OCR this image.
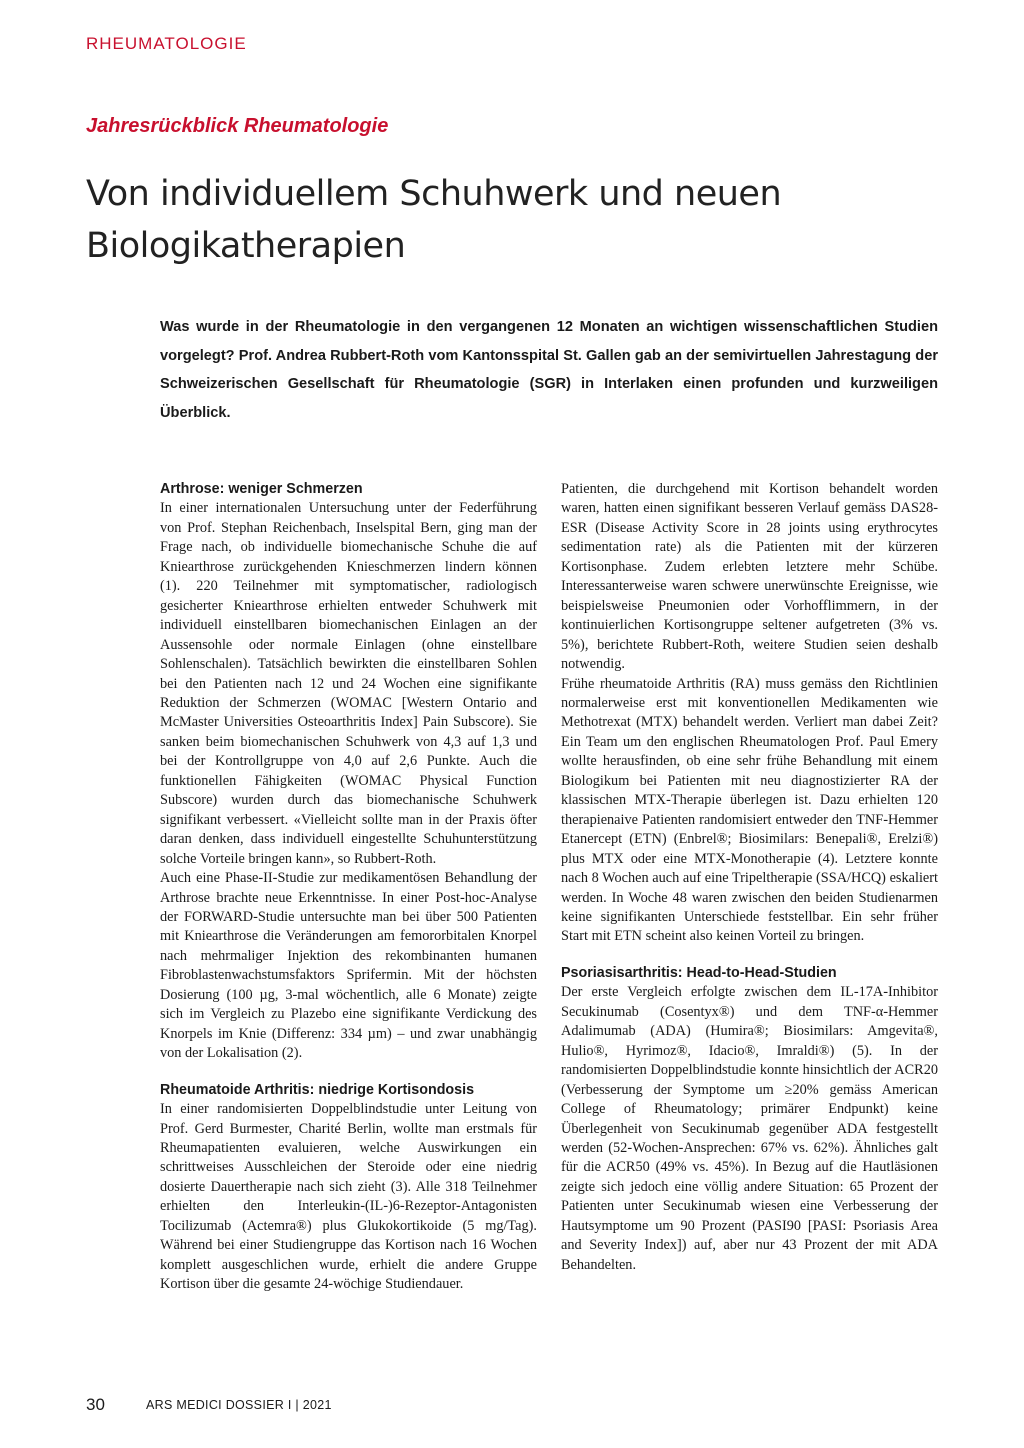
RHEUMATOLOGIE
Jahresrückblick Rheumatologie
Von individuellem Schuhwerk und neuen Biologikatherapien

Was wurde in der Rheumatologie in den vergangenen 12 Monaten an wichtigen wissenschaftlichen Studien vorgelegt? Prof. Andrea Rubbert-Roth vom Kantonsspital St. Gallen gab an der semivirtuellen Jahrestagung der Schweizerischen Gesellschaft für Rheumatologie (SGR) in Interlaken einen profunden und kurzweiligen Überblick.

Arthrose: weniger Schmerzen

In einer internationalen Untersuchung unter der Federführung von Prof. Stephan Reichenbach, Inselspital Bern, ging man der Frage nach, ob individuelle biomechanische Schuhe die auf Kniearthrose zurückgehenden Knieschmerzen lindern können (1). 220 Teilnehmer mit symptomatischer, radiologisch gesicherter Kniearthrose erhielten entweder Schuhwerk mit individuell einstellbaren biomechanischen Einlagen an der Aussensohle oder normale Einlagen (ohne einstellbare Sohlenschalen). Tatsächlich bewirkten die einstellbaren Sohlen bei den Patienten nach 12 und 24 Wochen eine signifikante Reduktion der Schmerzen (WOMAC [Western Ontario and McMaster Universities Osteoarthritis Index] Pain Subscore). Sie sanken beim biomechanischen Schuhwerk von 4,3 auf 1,3 und bei der Kontrollgruppe von 4,0 auf 2,6 Punkte. Auch die funktionellen Fähigkeiten (WOMAC Physical Function Subscore) wurden durch das biomechanische Schuhwerk signifikant verbessert. «Vielleicht sollte man in der Praxis öfter daran denken, dass individuell eingestellte Schuhunterstützung solche Vorteile bringen kann», so Rubbert-Roth.

Auch eine Phase-II-Studie zur medikamentösen Behandlung der Arthrose brachte neue Erkenntnisse. In einer Post-hoc-Analyse der FORWARD-Studie untersuchte man bei über 500 Patienten mit Kniearthrose die Veränderungen am femororbitalen Knorpel nach mehrmaliger Injektion des rekombinanten humanen Fibroblastenwachstumsfaktors Sprifermin. Mit der höchsten Dosierung (100 µg, 3-mal wöchentlich, alle 6 Monate) zeigte sich im Vergleich zu Plazebo eine signifikante Verdickung des Knorpels im Knie (Differenz: 334 µm) – und zwar unabhängig von der Lokalisation (2).

Rheumatoide Arthritis: niedrige Kortisondosis

In einer randomisierten Doppelblindstudie unter Leitung von Prof. Gerd Burmester, Charité Berlin, wollte man erstmals für Rheumapatienten evaluieren, welche Auswirkungen ein schrittweises Ausschleichen der Steroide oder eine niedrig dosierte Dauertherapie nach sich zieht (3). Alle 318 Teilnehmer erhielten den Interleukin-(IL-)6-Rezeptor-Antagonisten Tocilizumab (Actemra®) plus Glukokortikoide (5 mg/Tag). Während bei einer Studiengruppe das Kortison nach 16 Wochen komplett ausgeschlichen wurde, erhielt die andere Gruppe Kortison über die gesamte 24-wöchige Studiendauer.

Patienten, die durchgehend mit Kortison behandelt worden waren, hatten einen signifikant besseren Verlauf gemäss DAS28-ESR (Disease Activity Score in 28 joints using erythrocytes sedimentation rate) als die Patienten mit der kürzeren Kortisonphase. Zudem erlebten letztere mehr Schübe. Interessanterweise waren schwere unerwünschte Ereignisse, wie beispielsweise Pneumonien oder Vorhofflimmern, in der kontinuierlichen Kortisongruppe seltener aufgetreten (3% vs. 5%), berichtete Rubbert-Roth, weitere Studien seien deshalb notwendig.

Frühe rheumatoide Arthritis (RA) muss gemäss den Richtlinien normalerweise erst mit konventionellen Medikamenten wie Methotrexat (MTX) behandelt werden. Verliert man dabei Zeit? Ein Team um den englischen Rheumatologen Prof. Paul Emery wollte herausfinden, ob eine sehr frühe Behandlung mit einem Biologikum bei Patienten mit neu diagnostizierter RA der klassischen MTX-Therapie überlegen ist. Dazu erhielten 120 therapienaive Patienten randomisiert entweder den TNF-Hemmer Etanercept (ETN) (Enbrel®; Biosimilars: Benepali®, Erelzi®) plus MTX oder eine MTX-Monotherapie (4). Letztere konnte nach 8 Wochen auch auf eine Tripeltherapie (SSA/HCQ) eskaliert werden. In Woche 48 waren zwischen den beiden Studienarmen keine signifikanten Unterschiede feststellbar. Ein sehr früher Start mit ETN scheint also keinen Vorteil zu bringen.

Psoriasisarthritis: Head-to-Head-Studien

Der erste Vergleich erfolgte zwischen dem IL-17A-Inhibitor Secukinumab (Cosentyx®) und dem TNF-α-Hemmer Adalimumab (ADA) (Humira®; Biosimilars: Amgevita®, Hulio®, Hyrimoz®, Idacio®, Imraldi®) (5). In der randomisierten Doppelblindstudie konnte hinsichtlich der ACR20 (Verbesserung der Symptome um ≥20% gemäss American College of Rheumatology; primärer Endpunkt) keine Überlegenheit von Secukinumab gegenüber ADA festgestellt werden (52-Wochen-Ansprechen: 67% vs. 62%). Ähnliches galt für die ACR50 (49% vs. 45%). In Bezug auf die Hautläsionen zeigte sich jedoch eine völlig andere Situation: 65 Prozent der Patienten unter Secukinumab wiesen eine Verbesserung der Hautsymptome um 90 Prozent (PASI90 [PASI: Psoriasis Area and Severity Index]) auf, aber nur 43 Prozent der mit ADA Behandelten.

30	ARS MEDICI DOSSIER I | 2021
